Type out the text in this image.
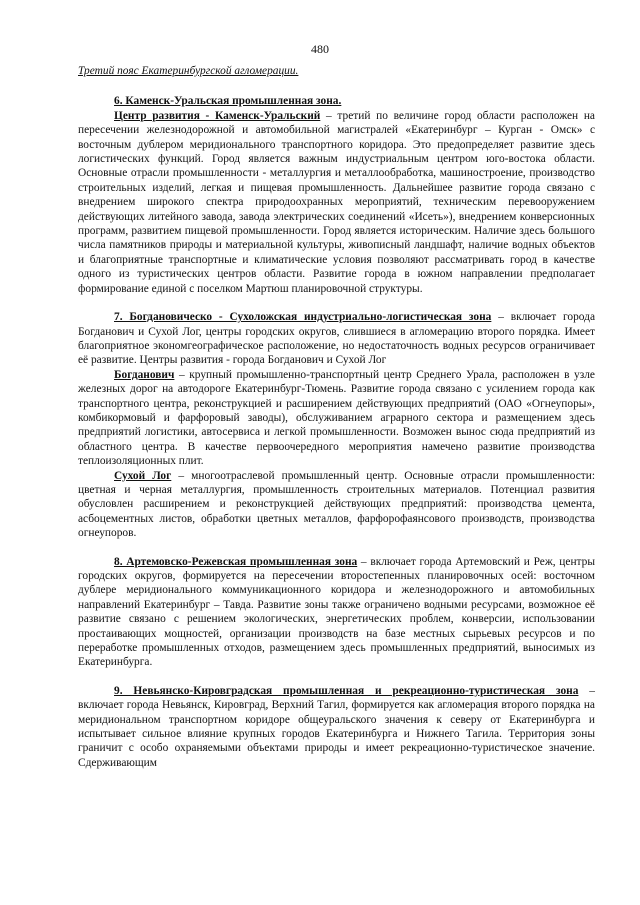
480

Третий пояс Екатеринбургской агломерации.

6. Каменск-Уральская промышленная зона.

Центр развития - Каменск-Уральский – третий по величине город области расположен на пересечении железнодорожной и автомобильной магистралей «Екатеринбург – Курган - Омск» с восточным дублером меридионального транспортного коридора. Это предопределяет развитие здесь логистических функций. Город является важным индустриальным центром юго-востока области. Основные отрасли промышленности - металлургия и металлообработка, машиностроение, производство строительных изделий, легкая и пищевая промышленность. Дальнейшее развитие города связано с внедрением широкого спектра природоохранных мероприятий, техническим перевооружением действующих литейного завода, завода электрических соединений «Исеть»), внедрением конверсионных программ, развитием пищевой промышленности. Город является историческим. Наличие здесь большого числа памятников природы и материальной культуры, живописный ландшафт, наличие водных объектов и благоприятные транспортные и климатические условия позволяют рассматривать город в качестве одного из туристических центров области. Развитие города в южном направлении предполагает формирование единой с поселком Мартюш планировочной структуры.

7. Богдановическо - Сухоложская индустриально-логистическая зона – включает города Богданович и Сухой Лог, центры городских округов, слившиеся в агломерацию второго порядка. Имеет благоприятное экономгеографическое расположение, но недостаточность водных ресурсов ограничивает её развитие. Центры развития - города Богданович и Сухой Лог

Богданович – крупный промышленно-транспортный центр Среднего Урала, расположен в узле железных дорог на автодороге Екатеринбург-Тюмень. Развитие города связано с усилением города как транспортного центра, реконструкцией и расширением действующих предприятий (ОАО «Огнеупоры», комбикормовый и фарфоровый заводы), обслуживанием аграрного сектора и размещением здесь предприятий логистики, автосервиса и легкой промышленности. Возможен вынос сюда предприятий из областного центра. В качестве первоочередного мероприятия намечено развитие производства теплоизоляционных плит.

Сухой Лог – многоотраслевой промышленный центр. Основные отрасли промышленности: цветная и черная металлургия, промышленность строительных материалов. Потенциал развития обусловлен расширением и реконструкцией действующих предприятий: производства цемента, асбоцементных листов, обработки цветных металлов, фарфорофаянсового производств, производства огнеупоров.

8. Артемовско-Режевская промышленная зона – включает города Артемовский и Реж, центры городских округов, формируется на пересечении второстепенных планировочных осей: восточном дублере меридионального коммуникационного коридора и железнодорожного и автомобильных направлений Екатеринбург – Тавда. Развитие зоны также ограничено водными ресурсами, возможное её развитие связано с решением экологических, энергетических проблем, конверсии, использовании простаивающих мощностей, организации производств на базе местных сырьевых ресурсов и по переработке промышленных отходов, размещением здесь промышленных предприятий, выносимых из Екатеринбурга.

9. Невьянско-Кировградская промышленная и рекреационно-туристическая зона – включает города Невьянск, Кировград, Верхний Тагил, формируется как агломерация второго порядка на меридиональном транспортном коридоре общеуральского значения к северу от Екатеринбурга и испытывает сильное влияние крупных городов Екатеринбурга и Нижнего Тагила. Территория зоны граничит с особо охраняемыми объектами природы и имеет рекреационно-туристическое значение. Сдерживающим
